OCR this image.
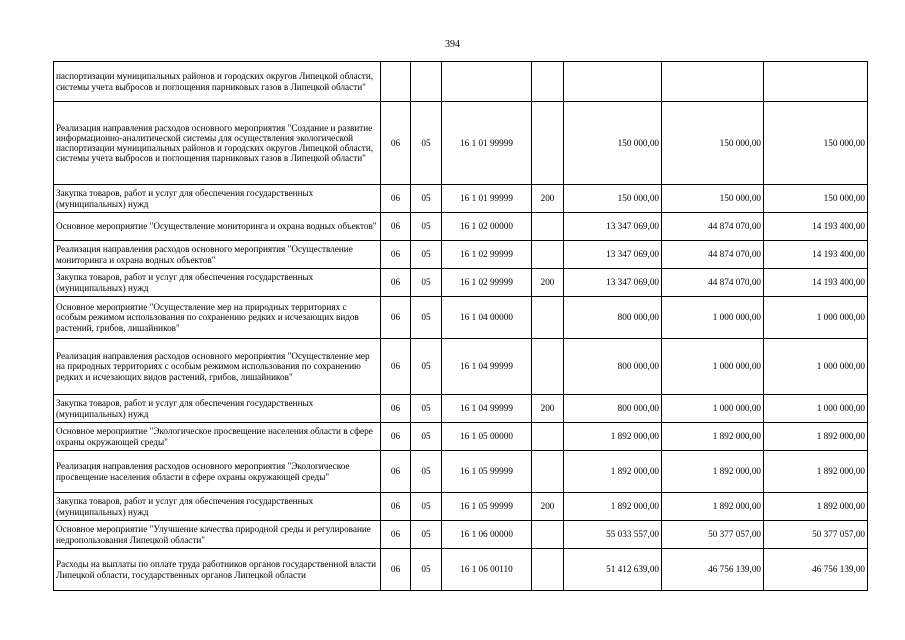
394
паспортизации муниципальных районов и городских округов Липецкой области, системы учета выбросов и поглощения парниковых газов в Липецкой области"							
Реализация направления расходов основного мероприятия "Создание и развитие информационно-аналитической системы для осуществления экологической паспортизации муниципальных районов и городских округов Липецкой области, системы учета выбросов и поглощения парниковых газов в Липецкой области"	06	05	16 1 01 99999		150 000,00	150 000,00	150 000,00
Закупка товаров, работ и услуг для обеспечения государственных (муниципальных) нужд	06	05	16 1 01 99999	200	150 000,00	150 000,00	150 000,00
Основное мероприятие "Осуществление мониторинга и охрана водных объектов"	06	05	16 1 02 00000		13 347 069,00	44 874 070,00	14 193 400,00
Реализация направления расходов основного мероприятия "Осуществление мониторинга и охрана водных объектов"	06	05	16 1 02 99999		13 347 069,00	44 874 070,00	14 193 400,00
Закупка товаров, работ и услуг для обеспечения государственных (муниципальных) нужд	06	05	16 1 02 99999	200	13 347 069,00	44 874 070,00	14 193 400,00
Основное мероприятие "Осуществление мер на природных территориях с особым режимом использования по сохранению редких и исчезающих видов растений, грибов, лишайников"	06	05	16 1 04 00000		800 000,00	1 000 000,00	1 000 000,00
Реализация направления расходов основного мероприятия "Осуществление мер на природных территориях с особым режимом использования по сохранению редких и исчезающих видов растений, грибов, лишайников"	06	05	16 1 04 99999		800 000,00	1 000 000,00	1 000 000,00
Закупка товаров, работ и услуг для обеспечения государственных (муниципальных) нужд	06	05	16 1 04 99999	200	800 000,00	1 000 000,00	1 000 000,00
Основное мероприятие "Экологическое просвещение населения области в сфере охраны окружающей среды"	06	05	16 1 05 00000		1 892 000,00	1 892 000,00	1 892 000,00
Реализация направления расходов основного мероприятия "Экологическое просвещение населения области в сфере охраны окружающей среды"	06	05	16 1 05 99999		1 892 000,00	1 892 000,00	1 892 000,00
Закупка товаров, работ и услуг для обеспечения государственных (муниципальных) нужд	06	05	16 1 05 99999	200	1 892 000,00	1 892 000,00	1 892 000,00
Основное мероприятие "Улучшение качества природной среды и регулирование недропользования Липецкой области"	06	05	16 1 06 00000		55 033 557,00	50 377 057,00	50 377 057,00
Расходы на выплаты по оплате труда работников органов государственной власти Липецкой области, государственных органов Липецкой области	06	05	16 1 06 00110		51 412 639,00	46 756 139,00	46 756 139,00
